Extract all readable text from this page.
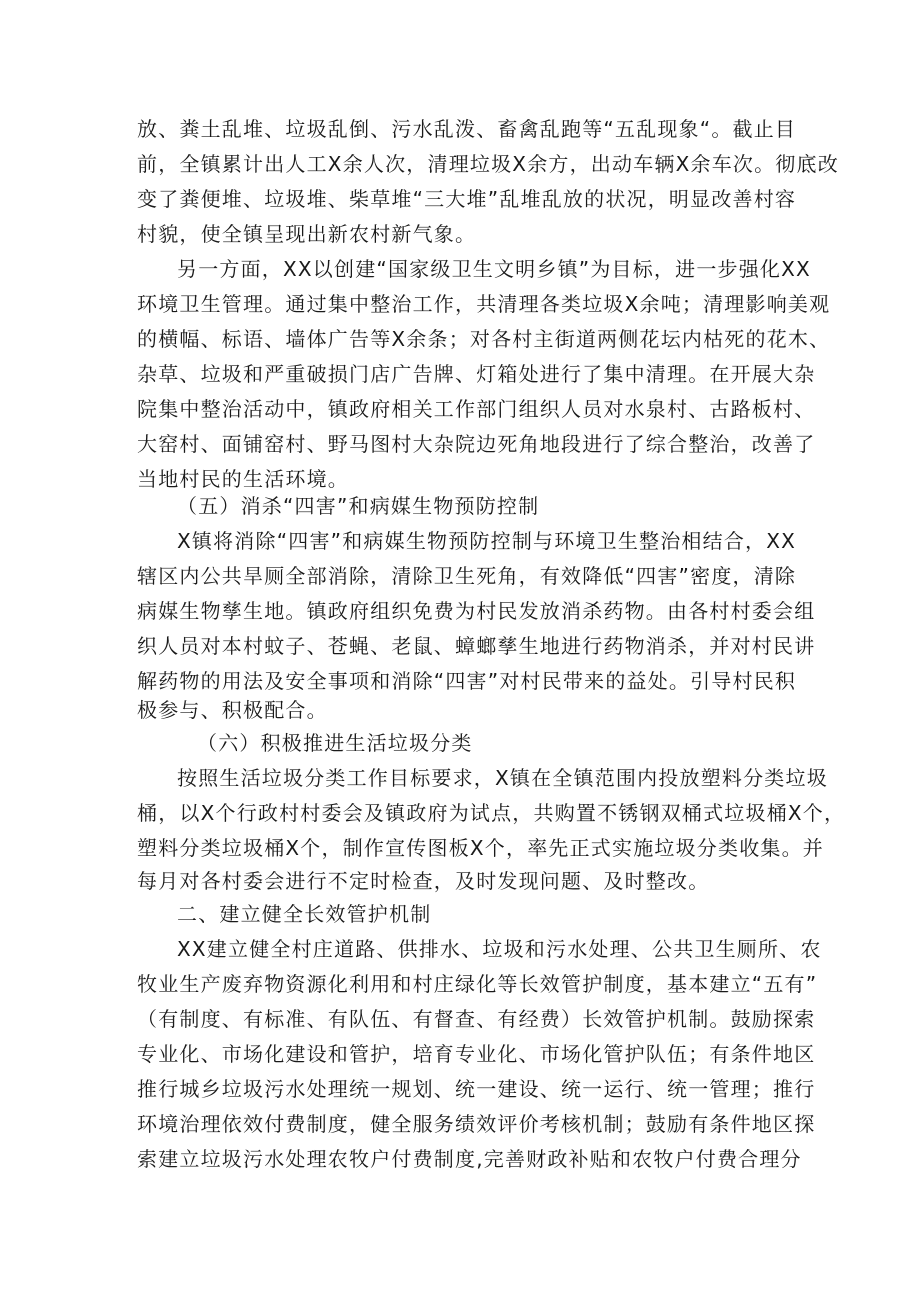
放、粪土乱堆、垃圾乱倒、污水乱泼、畜禽乱跑等“五乱现象“。截止目
前，全镇累计出人工X余人次，清理垃圾X余方，出动车辆X余车次。彻底改
变了粪便堆、垃圾堆、柴草堆“三大堆”乱堆乱放的状况，明显改善村容
村貌，使全镇呈现出新农村新气象。
另一方面，XX以创建“国家级卫生文明乡镇”为目标，进一步强化XX
环境卫生管理。通过集中整治工作，共清理各类垃圾X余吨；清理影响美观
的横幅、标语、墙体广告等X余条；对各村主街道两侧花坛内枯死的花木、
杂草、垃圾和严重破损门店广告牌、灯箱处进行了集中清理。在开展大杂
院集中整治活动中，镇政府相关工作部门组织人员对水泉村、古路板村、
大窑村、面铺窑村、野马图村大杂院边死角地段进行了综合整治，改善了
当地村民的生活环境。
（五）消杀“四害”和病媒生物预防控制
X镇将消除“四害”和病媒生物预防控制与环境卫生整治相结合，XX
辖区内公共旱厕全部消除，清除卫生死角，有效降低“四害”密度，清除
病媒生物孳生地。镇政府组织免费为村民发放消杀药物。由各村村委会组
织人员对本村蚊子、苍蝇、老鼠、蟑螂孳生地进行药物消杀，并对村民讲
解药物的用法及安全事项和消除“四害”对村民带来的益处。引导村民积
极参与、积极配合。
（六）积极推进生活垃圾分类
按照生活垃圾分类工作目标要求，X镇在全镇范围内投放塑料分类垃圾
桶，以X个行政村村委会及镇政府为试点，共购置不锈钢双桶式垃圾桶X个，
塑料分类垃圾桶X个，制作宣传图板X个，率先正式实施垃圾分类收集。并
每月对各村委会进行不定时检查，及时发现问题、及时整改。
二、建立健全长效管护机制
XX建立健全村庄道路、供排水、垃圾和污水处理、公共卫生厕所、农
牧业生产废弃物资源化利用和村庄绿化等长效管护制度，基本建立“五有”
（有制度、有标准、有队伍、有督查、有经费）长效管护机制。鼓励探索
专业化、市场化建设和管护，培育专业化、市场化管护队伍；有条件地区
推行城乡垃圾污水处理统一规划、统一建设、统一运行、统一管理；推行
环境治理依效付费制度，健全服务绩效评价考核机制；鼓励有条件地区探
索建立垃圾污水处理农牧户付费制度,完善财政补贴和农牧户付费合理分
